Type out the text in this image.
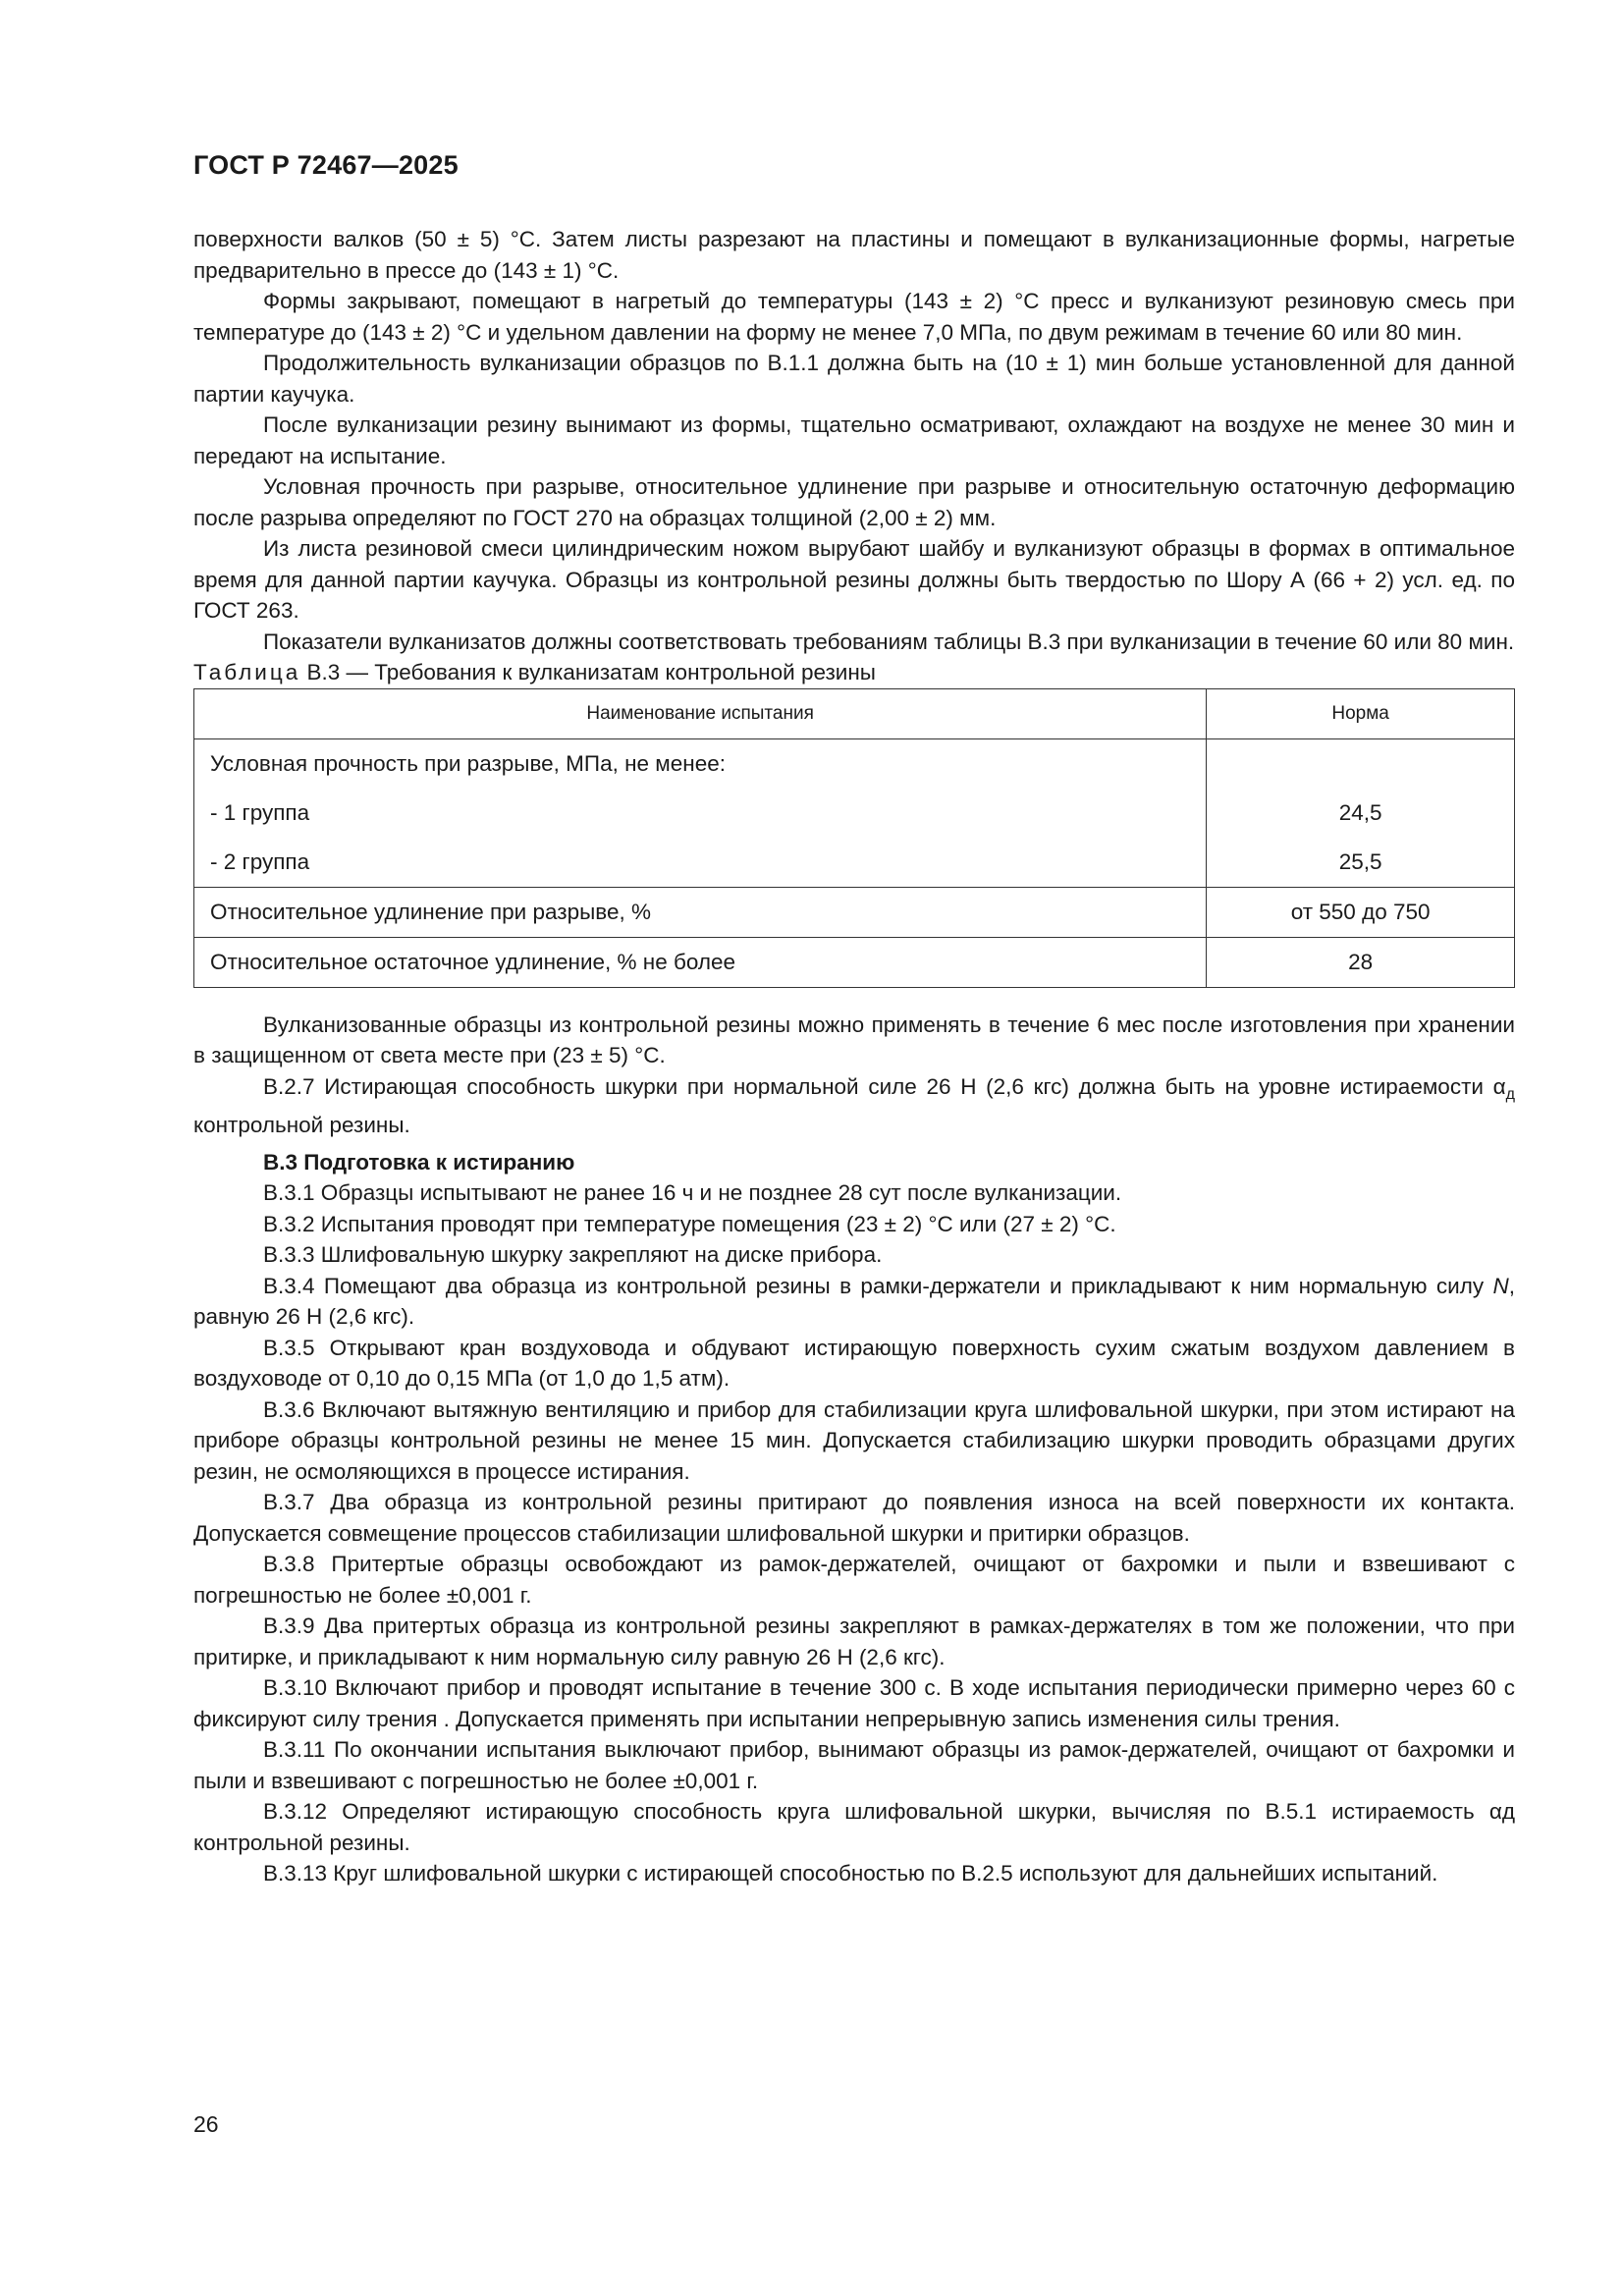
ГОСТ Р 72467—2025

поверхности валков (50 ± 5) °С. Затем листы разрезают на пластины и помещают в вулканизационные формы, нагретые предварительно в прессе до (143 ± 1) °С.

Формы закрывают, помещают в нагретый до температуры (143 ± 2) °С пресс и вулканизуют резиновую смесь при температуре до (143 ± 2) °С и удельном давлении на форму не менее 7,0 МПа, по двум режимам в течение 60 или 80 мин.

Продолжительность вулканизации образцов по В.1.1 должна быть на (10 ± 1) мин больше установленной для данной партии каучука.

После вулканизации резину вынимают из формы, тщательно осматривают, охлаждают на воздухе не менее 30 мин и передают на испытание.

Условная прочность при разрыве, относительное удлинение при разрыве и относительную остаточную деформацию после разрыва определяют по ГОСТ 270 на образцах толщиной (2,00 ± 2) мм.

Из листа резиновой смеси цилиндрическим ножом вырубают шайбу и вулканизуют образцы в формах в оптимальное время для данной партии каучука. Образцы из контрольной резины должны быть твердостью по Шору А (66 + 2) усл. ед. по ГОСТ 263.

Показатели вулканизатов должны соответствовать требованиям таблицы В.3 при вулканизации в течение 60 или 80 мин.

Таблица В.3 — Требования к вулканизатам контрольной резины

Наименование испытания	Норма
Условная прочность при разрыве, МПа, не менее:	
- 1 группа	24,5
- 2 группа	25,5
Относительное удлинение при разрыве, %	от 550 до 750
Относительное остаточное удлинение, % не более	28

Вулканизованные образцы из контрольной резины можно применять в течение 6 мес после изготовления при хранении в защищенном от света месте при (23 ± 5) °С.

В.2.7 Истирающая способность шкурки при нормальной силе 26 Н (2,6 кгс) должна быть на уровне истираемости $\alpha_д$ контрольной резины.

В.3 Подготовка к истиранию

В.3.1 Образцы испытывают не ранее 16 ч и не позднее 28 сут после вулканизации.

В.3.2 Испытания проводят при температуре помещения (23 ± 2) °С или (27 ± 2) °С.

В.3.3 Шлифовальную шкурку закрепляют на диске прибора.

В.3.4 Помещают два образца из контрольной резины в рамки-держатели и прикладывают к ним нормальную силу N, равную 26 Н (2,6 кгс).

В.3.5 Открывают кран воздуховода и обдувают истирающую поверхность сухим сжатым воздухом давлением в воздуховоде от 0,10 до 0,15 МПа (от 1,0 до 1,5 атм).

В.3.6 Включают вытяжную вентиляцию и прибор для стабилизации круга шлифовальной шкурки, при этом истирают на приборе образцы контрольной резины не менее 15 мин. Допускается стабилизацию шкурки проводить образцами других резин, не осмоляющихся в процессе истирания.

В.3.7 Два образца из контрольной резины притирают до появления износа на всей поверхности их контакта. Допускается совмещение процессов стабилизации шлифовальной шкурки и притирки образцов.

В.3.8 Притертые образцы освобождают из рамок-держателей, очищают от бахромки и пыли и взвешивают с погрешностью не более ±0,001 г.

В.3.9 Два притертых образца из контрольной резины закрепляют в рамках-держателях в том же положении, что при притирке, и прикладывают к ним нормальную силу равную 26 Н (2,6 кгс).

В.3.10 Включают прибор и проводят испытание в течение 300 с. В ходе испытания периодически примерно через 60 с фиксируют силу трения . Допускается применять при испытании непрерывную запись изменения силы трения.

В.3.11 По окончании испытания выключают прибор, вынимают образцы из рамок-держателей, очищают от бахромки и пыли и взвешивают с погрешностью не более ±0,001 г.

В.3.12 Определяют истирающую способность круга шлифовальной шкурки, вычисляя по В.5.1 истираемость αд контрольной резины.

В.3.13 Круг шлифовальной шкурки с истирающей способностью по В.2.5 используют для дальнейших испытаний.

26
